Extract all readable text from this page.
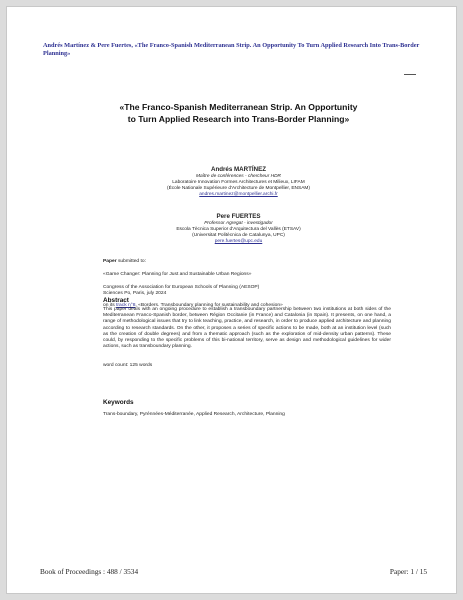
Andrés Martínez & Pere Fuertes, «The Franco-Spanish Mediterranean Strip. An Opportunity To Turn Applied Research Into Trans-Border Planning»
«The Franco-Spanish Mediterranean Strip. An Opportunity
to Turn Applied Research into Trans-Border Planning»
Andrés MARTÍNEZ
Maître de conférences - chercheur HDR
Laboratoire Innovation Formes Architectures et Milieux, LIFAM
(École Nationale Supérieure d'Architecture de Montpellier, ENSAM)
andres.martinez@montpellier.archi.fr
Pere FUERTES
Professor Agregat - investigador
Escola Tècnica Superior d'Arquitectura del Vallès (ETSAV)
(Universitat Politècnica de Catalunya, UPC)
pere.fuertes@upc.edu
Paper submitted to:
«Game Changer: Planning for Just and Sustainable Urban Regions»

Congress of the Association for European Schools of Planning (AESOP)

Sciences Po, Paris, july 2024

on its track n°8, «Borders. Transboundary planning for sustainability and cohesion»
Abstract
This paper deals with an ongoing procedure to establish a transboundary partnership between two institutions at both sides of the Mediterranean Franco-Spanish border, between Région Occitanie (in France) and Catalonia (in Spain). It presents, on one hand, a range of methodological issues that try to link teaching, practice, and research, in order to produce applied architecture and planning according to research standards. On the other, it proposes a series of specific actions to be made, both at an institution level (such as the creation of double degrees) and from a thematic approach (such as the exploration of mid-density urban patterns). These could, by responding to the specific problems of this bi-national territory, serve as design and methodological guidelines for wider actions, such as transboundary planning.
word count: 125 words
Keywords
Trans-boundary, Pyrénnées-Méditerranée, Applied Research, Architecture, Planning
Book of Proceedings : 488 / 3534	Paper: 1 / 15
